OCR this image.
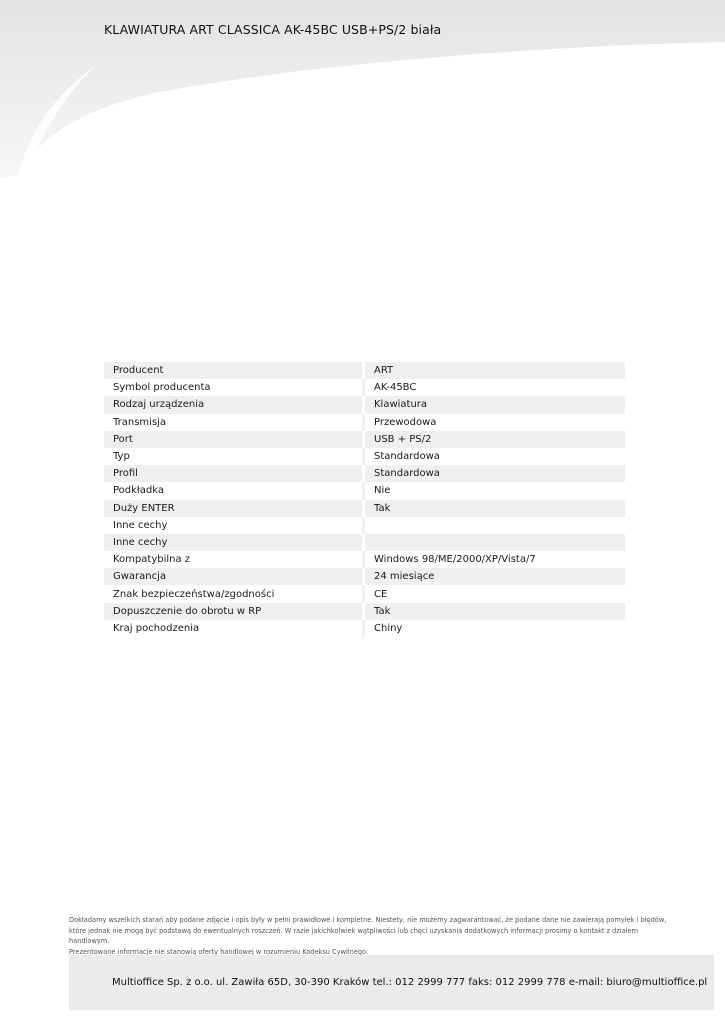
KLAWIATURA ART CLASSICA AK-45BC USB+PS/2 biała
Producent	ART
Symbol producenta	AK-45BC
Rodzaj urządzenia	Klawiatura
Transmisja	Przewodowa
Port	USB + PS/2
Typ	Standardowa
Profil	Standardowa
Podkładka	Nie
Duży ENTER	Tak
Inne cechy
Inne cechy
Kompatybilna z	Windows 98/ME/2000/XP/Vista/7
Gwarancja	24 miesiące
Znak bezpieczeństwa/zgodności	CE
Dopuszczenie do obrotu w RP	Tak
Kraj pochodzenia	Chiny
Dokładamy wszelkich starań aby podane zdjęcie i opis były w pełni prawidłowe i kompletne. Niestety, nie możemy zagwarantować, że podane dane nie zawierają pomyłek i błędów,
które jednak nie mogą być podstawą do ewentualnych roszczeń. W razie jakichkolwiek wątpliwości lub chęci uzyskania dodatkowych informacji prosimy o kontakt z działem handlowym.
Prezentowane informacje nie stanowią oferty handlowej w rozumieniu Kodeksu Cywilnego.
Multioffice Sp. z o.o. ul. Zawiła 65D, 30-390 Kraków tel.: 012 2999 777 faks: 012 2999 778 e-mail: biuro@multioffice.pl
